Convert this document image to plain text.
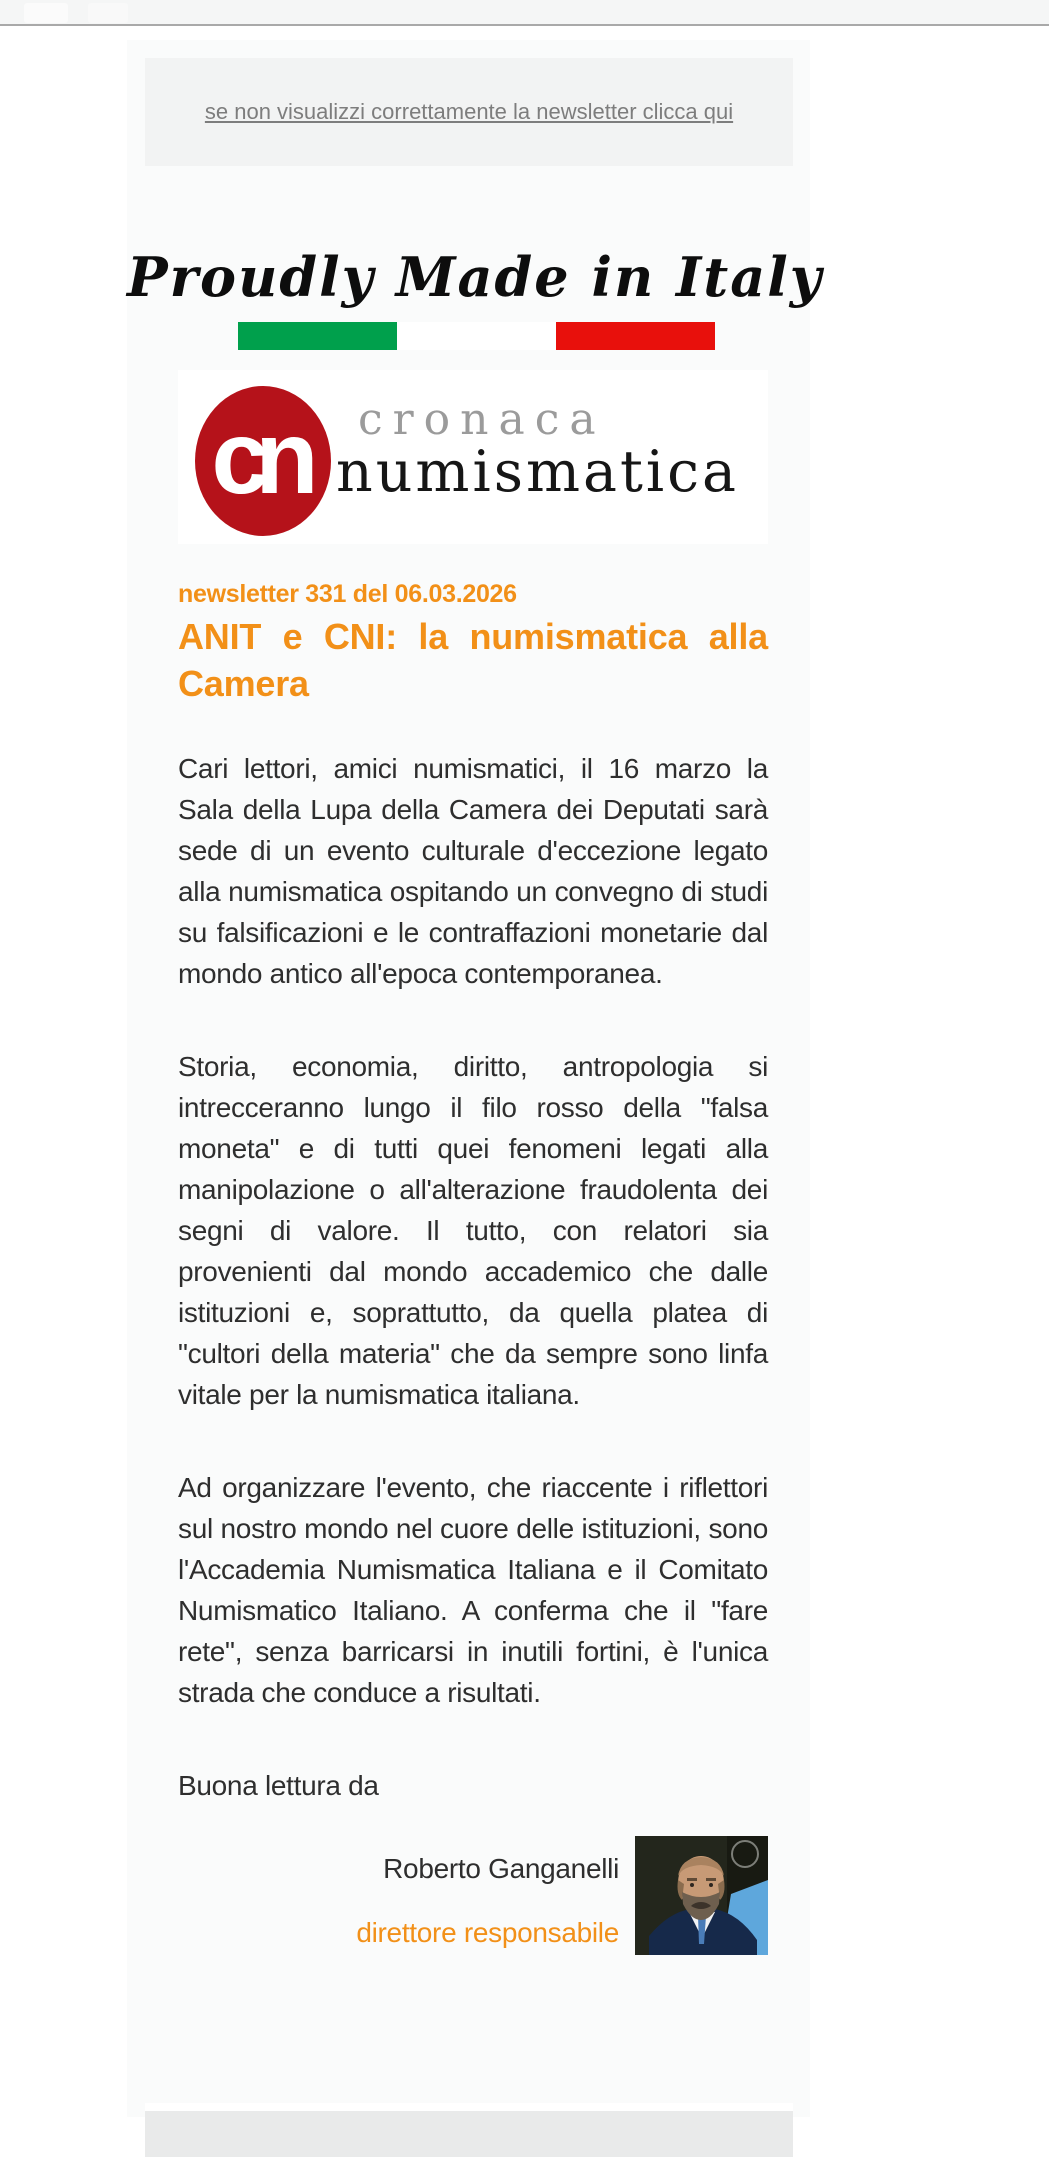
se non visualizzi correttamente la newsletter clicca qui
Proudly Made in Italy
cn	cronaca
numismatica
newsletter 331 del 06.03.2026
ANIT e CNI: la numismatica alla Camera

Cari lettori, amici numismatici, il 16 marzo la Sala della Lupa della Camera dei Deputati sarà sede di un evento culturale d'eccezione legato alla numismatica ospitando un convegno di studi su falsificazioni e le contraffazioni monetarie dal mondo antico all'epoca contemporanea.

Storia, economia, diritto, antropologia si intrecceranno lungo il filo rosso della "falsa moneta" e di tutti quei fenomeni legati alla manipolazione o all'alterazione fraudolenta dei segni di valore. Il tutto, con relatori sia provenienti dal mondo accademico che dalle istituzioni e, soprattutto, da quella platea di "cultori della materia" che da sempre sono linfa vitale per la numismatica italiana.

Ad organizzare l'evento, che riaccente i riflettori sul nostro mondo nel cuore delle istituzioni, sono l'Accademia Numismatica Italiana e il Comitato Numismatico Italiano. A conferma che il "fare rete", senza barricarsi in inutili fortini, è l'unica strada che conduce a risultati.

Buona lettura da

Roberto Ganganelli
direttore responsabile
